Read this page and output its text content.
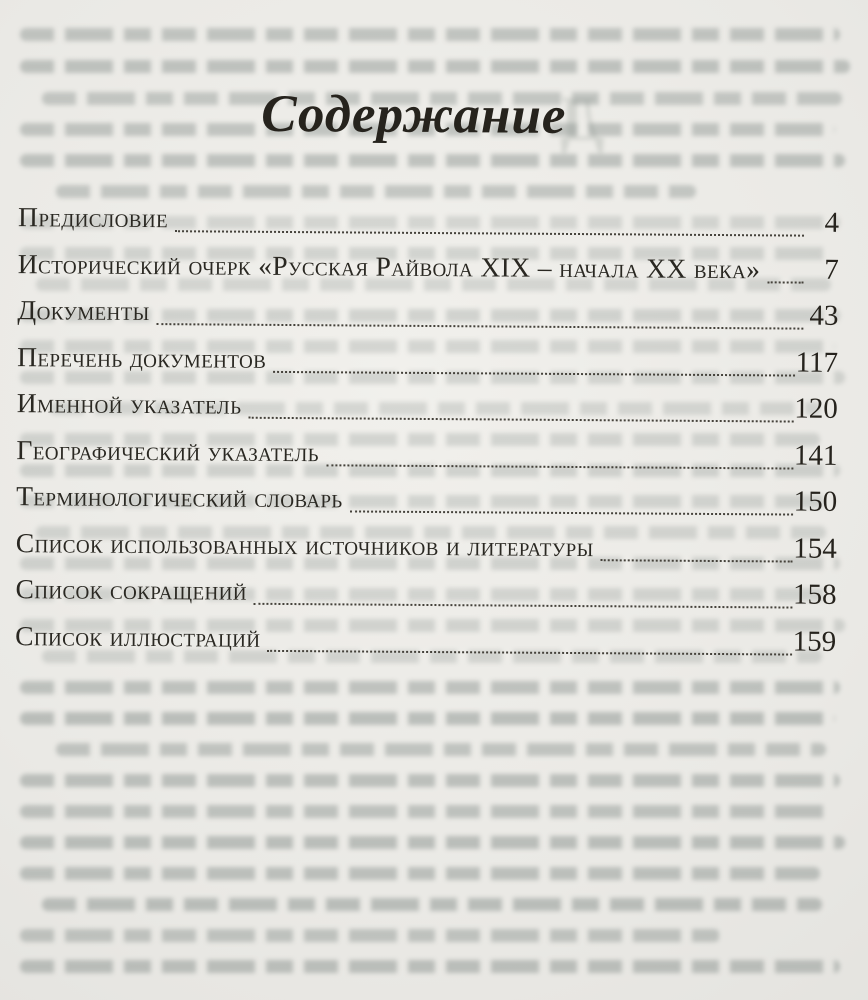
Д
Содержание
Предисловие	4
Исторический очерк «Русская Райвола XIX – начала XX века»	7
Документы	43
Перечень документов	117
Именной указатель	120
Географический указатель	141
Терминологический словарь	150
Список использованных источников и литературы	154
Список сокращений	158
Список иллюстраций	159
